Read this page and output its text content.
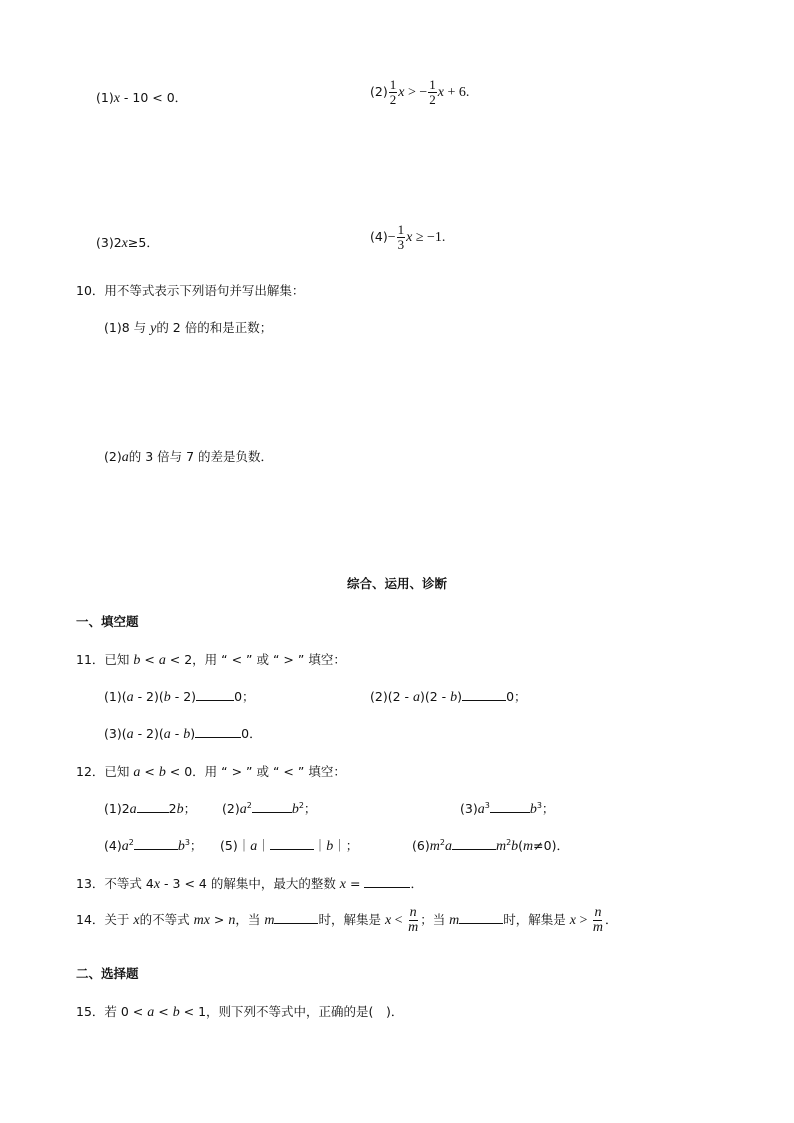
(1)x - 10 < 0．	$(2) \frac{1}{2}$ x > − $\frac{1}{2}$ x + 6.
(3)2x≥5．	$(4)- \frac{1}{3}$ x ≥ −1.
10．用不等式表示下列语句并写出解集：
(1)8 与 y的 2 倍的和是正数；
(2)a的 3 倍与 7 的差是负数．
综合、运用、诊断
一、填空题
11．已知 b < a < 2，用 “ < ” 或 “ > ” 填空：
(1)(a - 2)(b - 2)	0；	(2)(2 - a)(2 - b)	0；
(3)(a - 2)(a - b)	0．
12．已知 a < b < 0．用 “ > ” 或 “ < ” 填空：
(1)2a	2b； $(2)a^2$	$b^2$；	$(3)a^3$	$b^3$；
$(4)a^2$	$b^3$； (5)｜a｜	｜b｜；	$(6)m^2a$	$m^2b(m\ne 0)$．
13．不等式 4x - 3 < 4 的解集中，最大的整数 x =	．
14．关于 x的不等式 mx > n，当 m	时，解集是 $x < \frac{n}{m}$ ；当 m	时，解集是 $x > \frac{n}{m}$ ．
二、选择题
15．若 0 < a < b < 1，则下列不等式中，正确的是(　)．
